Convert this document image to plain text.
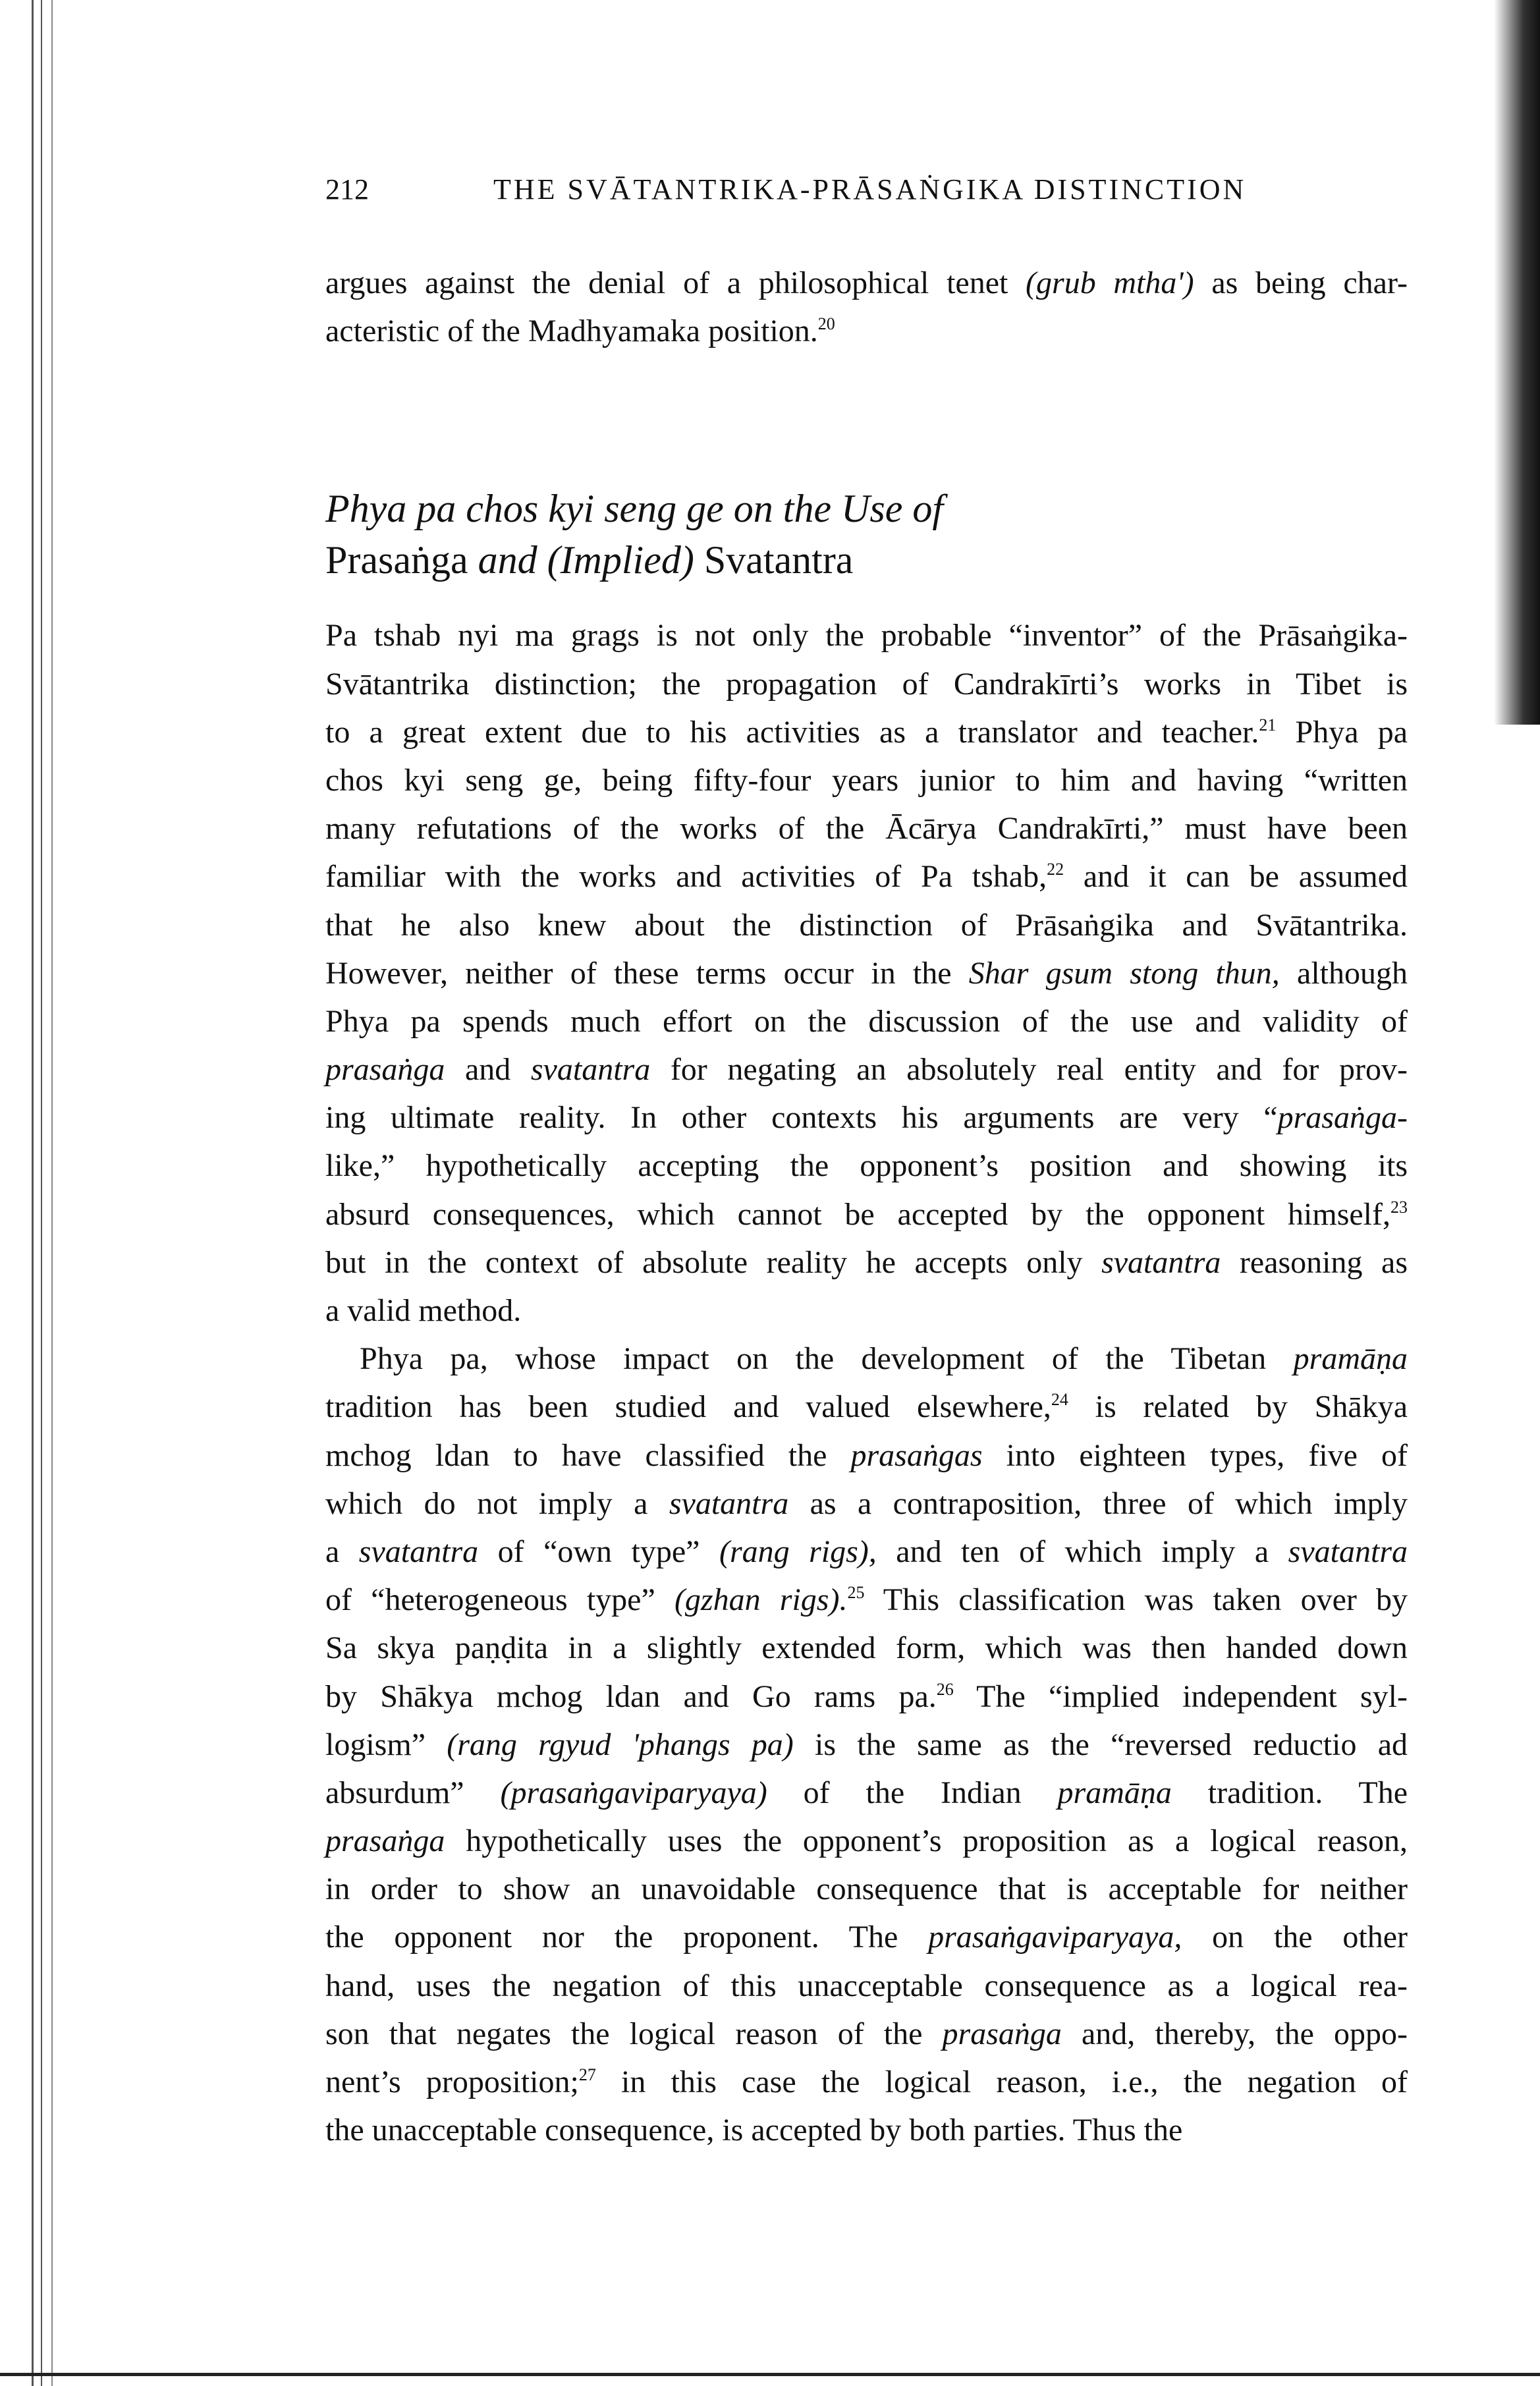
212	THE SVĀTANTRIKA-PRĀSAṄGIKA DISTINCTION
argues against the denial of a philosophical tenet (grub mtha') as being char-
acteristic of the Madhyamaka position.$^{20}$
Phya pa chos kyi seng ge on the Use of
Prasaṅga and (Implied) Svatantra
Pa tshab nyi ma grags is not only the probable “inventor” of the Prāsaṅgika-
Svātantrika distinction; the propagation of Candrakīrti’s works in Tibet is
to a great extent due to his activities as a translator and teacher.$^{21}$ Phya pa
chos kyi seng ge, being fifty-four years junior to him and having “written
many refutations of the works of the Ācārya Candrakīrti,” must have been
familiar with the works and activities of Pa tshab,$^{22}$ and it can be assumed
that he also knew about the distinction of Prāsaṅgika and Svātantrika.
However, neither of these terms occur in the Shar gsum stong thun, although
Phya pa spends much effort on the discussion of the use and validity of
prasaṅga and svatantra for negating an absolutely real entity and for prov-
ing ultimate reality. In other contexts his arguments are very “prasaṅga-
like,” hypothetically accepting the opponent’s position and showing its
absurd consequences, which cannot be accepted by the opponent himself,$^{23}$
but in the context of absolute reality he accepts only svatantra reasoning as
a valid method.
Phya pa, whose impact on the development of the Tibetan pramāṇa
tradition has been studied and valued elsewhere,$^{24}$ is related by Shākya
mchog ldan to have classified the prasaṅgas into eighteen types, five of
which do not imply a svatantra as a contraposition, three of which imply
a svatantra of “own type” (rang rigs), and ten of which imply a svatantra
of “heterogeneous type” (gzhan rigs).$^{25}$ This classification was taken over by
Sa skya paṇḍita in a slightly extended form, which was then handed down
by Shākya mchog ldan and Go rams pa.$^{26}$ The “implied independent syl-
logism” (rang rgyud 'phangs pa) is the same as the “reversed reductio ad
absurdum” (prasaṅgaviparyaya) of the Indian pramāṇa tradition. The
prasaṅga hypothetically uses the opponent’s proposition as a logical reason,
in order to show an unavoidable consequence that is acceptable for neither
the opponent nor the proponent. The prasaṅgaviparyaya, on the other
hand, uses the negation of this unacceptable consequence as a logical rea-
son that negates the logical reason of the prasaṅga and, thereby, the oppo-
nent’s proposition;$^{27}$ in this case the logical reason, i.e., the negation of
the unacceptable consequence, is accepted by both parties. Thus the
